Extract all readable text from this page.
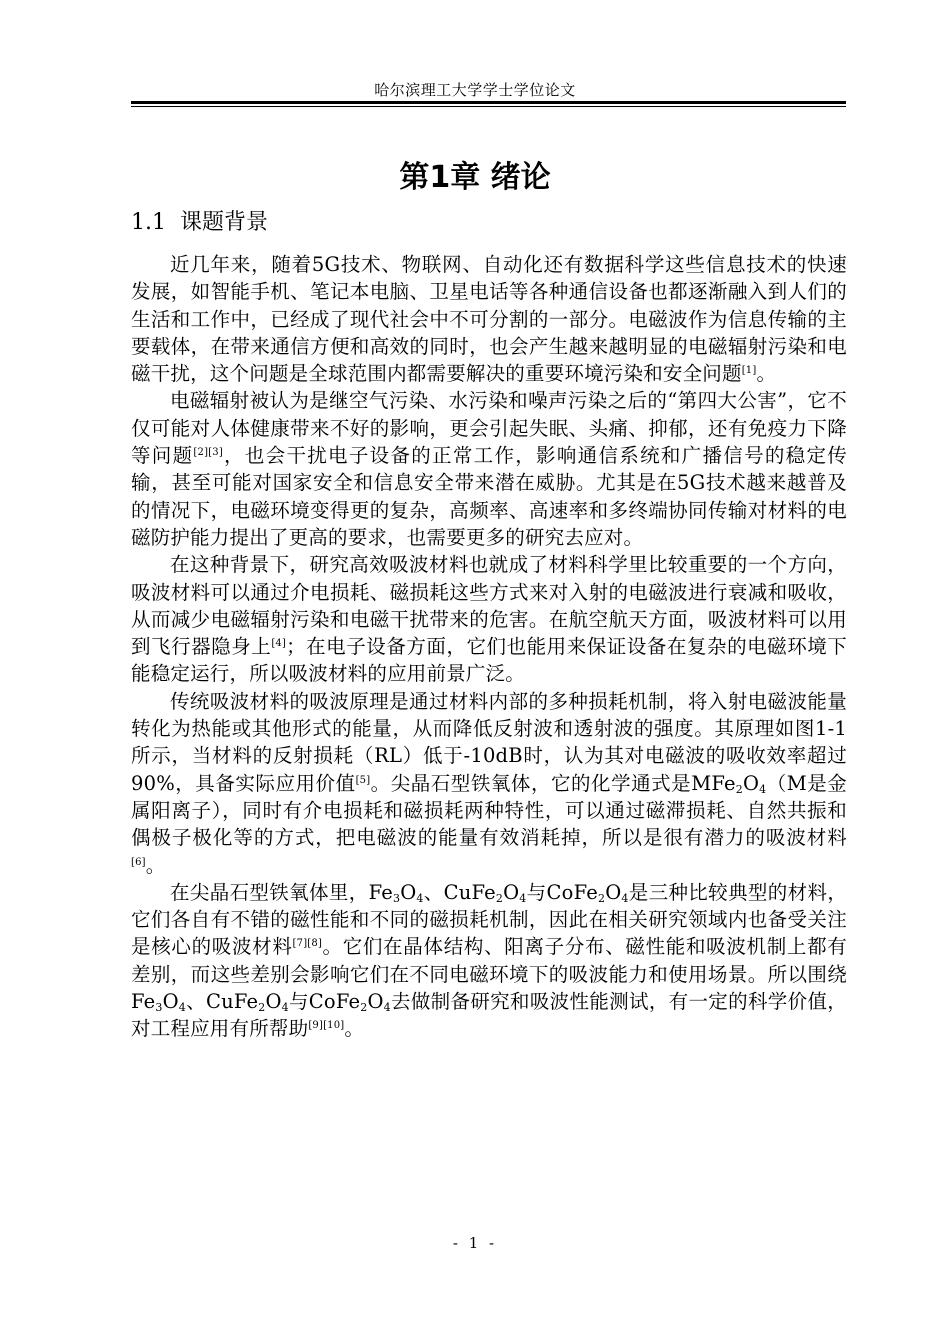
哈尔滨理工大学学士学位论文
第1章 绪论
1.1 课题背景

近几年来，随着5G技术、物联网、自动化还有数据科学这些信息技术的快速发展，如智能手机、笔记本电脑、卫星电话等各种通信设备也都逐渐融入到人们的生活和工作中，已经成了现代社会中不可分割的一部分。电磁波作为信息传输的主要载体，在带来通信方便和高效的同时，也会产生越来越明显的电磁辐射污染和电磁干扰，这个问题是全球范围内都需要解决的重要环境污染和安全问题[1]。

电磁辐射被认为是继空气污染、水污染和噪声污染之后的“第四大公害”，它不仅可能对人体健康带来不好的影响，更会引起失眠、头痛、抑郁，还有免疫力下降等问题[2][3]，也会干扰电子设备的正常工作，影响通信系统和广播信号的稳定传输，甚至可能对国家安全和信息安全带来潜在威胁。尤其是在5G技术越来越普及的情况下，电磁环境变得更的复杂，高频率、高速率和多终端协同传输对材料的电磁防护能力提出了更高的要求，也需要更多的研究去应对。

在这种背景下，研究高效吸波材料也就成了材料科学里比较重要的一个方向，吸波材料可以通过介电损耗、磁损耗这些方式来对入射的电磁波进行衰减和吸收，从而减少电磁辐射污染和电磁干扰带来的危害。在航空航天方面，吸波材料可以用到飞行器隐身上[4]；在电子设备方面，它们也能用来保证设备在复杂的电磁环境下能稳定运行，所以吸波材料的应用前景广泛。

传统吸波材料的吸波原理是通过材料内部的多种损耗机制，将入射电磁波能量转化为热能或其他形式的能量，从而降低反射波和透射波的强度。其原理如图1-1所示，当材料的反射损耗（RL）低于-10dB时，认为其对电磁波的吸收效率超过90%，具备实际应用价值[5]。尖晶石型铁氧体，它的化学通式是$MFe_2O_4(M$是金属阳离子），同时有介电损耗和磁损耗两种特性，可以通过磁滞损耗、自然共振和偶极子极化等的方式，把电磁波的能量有效消耗掉，所以是很有潜力的吸波材料[6]。

在尖晶石型铁氧体里，$Fe_3O_4$、$CuFe_2O_4$与$CoFe_2O_4$是三种比较典型的材料，它们各自有不错的磁性能和不同的磁损耗机制，因此在相关研究领域内也备受关注是核心的吸波材料[7][8]。它们在晶体结构、阳离子分布、磁性能和吸波机制上都有差别，而这些差别会影响它们在不同电磁环境下的吸波能力和使用场景。所以围绕$Fe_3O_4$、$CuFe_2O_4$与$CoFe_2O_4$去做制备研究和吸波性能测试，有一定的科学价值，对工程应用有所帮助[9][10]。

- 1 -
